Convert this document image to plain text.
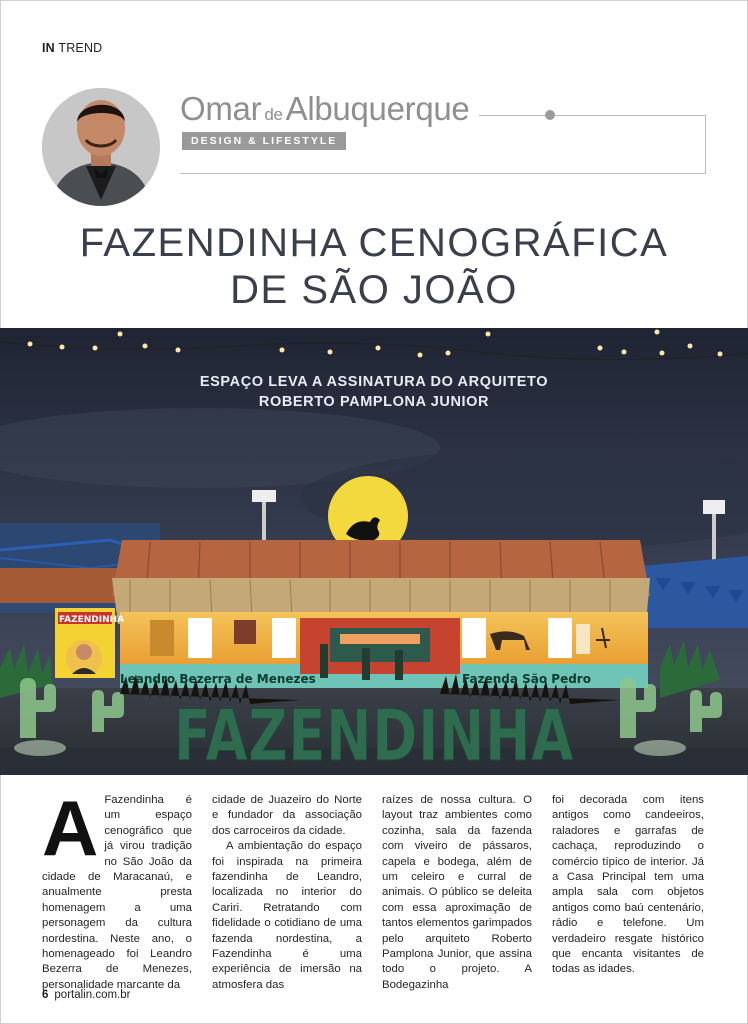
IN TREND
Omar deAlbuquerque
DESIGN & LIFESTYLE
FAZENDINHA CENOGRÁFICA
DE SÃO JOÃO
Leandro Bezerra de Menezes	Fazenda São Pedro
FAZENDINHA
FAZENDINHA
ESPAÇO LEVA A ASSINATURA DO ARQUITETO
ROBERTO PAMPLONA JUNIOR
A Fazendinha é um espaço cenográfico que já virou tradição no São João da cidade de Maracanaú, e anualmente presta homenagem a uma personagem da cultura nordestina. Neste ano, o homenageado foi Leandro Bezerra de Menezes, personalidade marcante da

cidade de Juazeiro do Norte e fundador da associação dos carroceiros da cidade.

A ambientação do espaço foi inspirada na primeira fazendinha de Leandro, localizada no interior do Cariri. Retratando com fidelidade o cotidiano de uma fazenda nordestina, a Fazendinha é uma experiência de imersão na atmosfera das

raízes de nossa cultura. O layout traz ambientes como cozinha, sala da fazenda com viveiro de pássaros, capela e bodega, além de um celeiro e curral de animais. O público se deleita com essa aproximação de tantos elementos garimpados pelo arquiteto Roberto Pamplona Junior, que assina todo o projeto. A Bodegazinha

foi decorada com itens antigos como candeeiros, raladores e garrafas de cachaça, reproduzindo o comércio típico de interior. Já a Casa Principal tem uma ampla sala com objetos antigos como baú centenário, rádio e telefone. Um verdadeiro resgate histórico que encanta visitantes de todas as idades.

6 portalin.com.br
